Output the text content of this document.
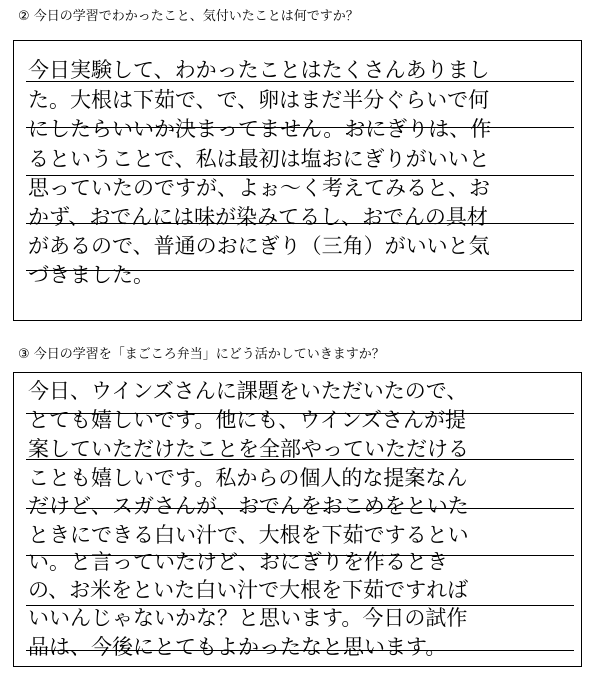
② 今日の学習でわかったこと、気付いたことは何ですか？
③ 今日の学習を「まごころ弁当」にどう活かしていきますか？
今日実験して、わかったことはたくさんありまし
た。大根は下茹で、で、卵はまだ半分ぐらいで何
にしたらいいか決まってません。おにぎりは、作
るということで、私は最初は塩おにぎりがいいと
思っていたのですが、よぉ～く考えてみると、お
かず、おでんには味が染みてるし、おでんの具材
があるので、普通のおにぎり（三角）がいいと気
づきました。
今日、ウインズさんに課題をいただいたので、
とても嬉しいです。他にも、ウインズさんが提
案していただけたことを全部やっていただける
ことも嬉しいです。私からの個人的な提案なん
だけど、スガさんが、おでんをおこめをといた
ときにできる白い汁で、大根を下茹でするとい
い。と言っていたけど、おにぎりを作るとき
の、お米をといた白い汁で大根を下茹ですれば
いいんじゃないかな？と思います。今日の試作
品は、今後にとてもよかったなと思います。
